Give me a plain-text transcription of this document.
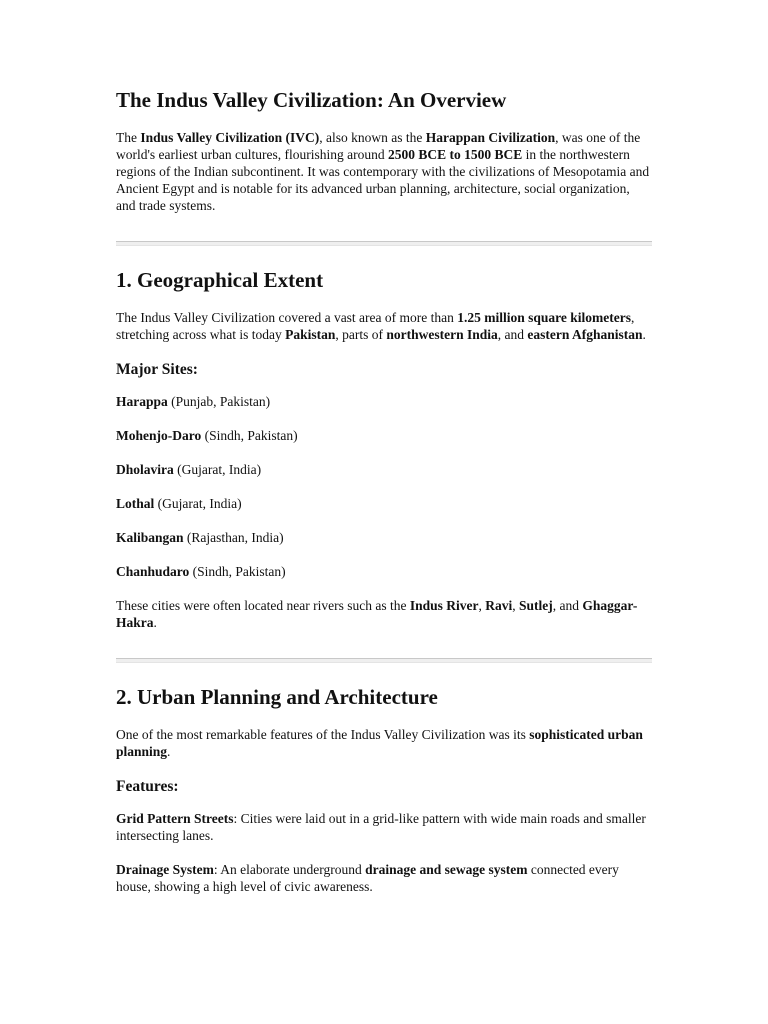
The Indus Valley Civilization: An Overview

The Indus Valley Civilization (IVC), also known as the Harappan Civilization, was one of the world's earliest urban cultures, flourishing around 2500 BCE to 1500 BCE in the northwestern regions of the Indian subcontinent. It was contemporary with the civilizations of Mesopotamia and Ancient Egypt and is notable for its advanced urban planning, architecture, social organization, and trade systems.

1. Geographical Extent

The Indus Valley Civilization covered a vast area of more than 1.25 million square kilometers, stretching across what is today Pakistan, parts of northwestern India, and eastern Afghanistan.

Major Sites:

Harappa (Punjab, Pakistan)

Mohenjo-Daro (Sindh, Pakistan)

Dholavira (Gujarat, India)

Lothal (Gujarat, India)

Kalibangan (Rajasthan, India)

Chanhudaro (Sindh, Pakistan)

These cities were often located near rivers such as the Indus River, Ravi, Sutlej, and Ghaggar-Hakra.

2. Urban Planning and Architecture

One of the most remarkable features of the Indus Valley Civilization was its sophisticated urban planning.

Features:

Grid Pattern Streets: Cities were laid out in a grid-like pattern with wide main roads and smaller intersecting lanes.

Drainage System: An elaborate underground drainage and sewage system connected every house, showing a high level of civic awareness.
